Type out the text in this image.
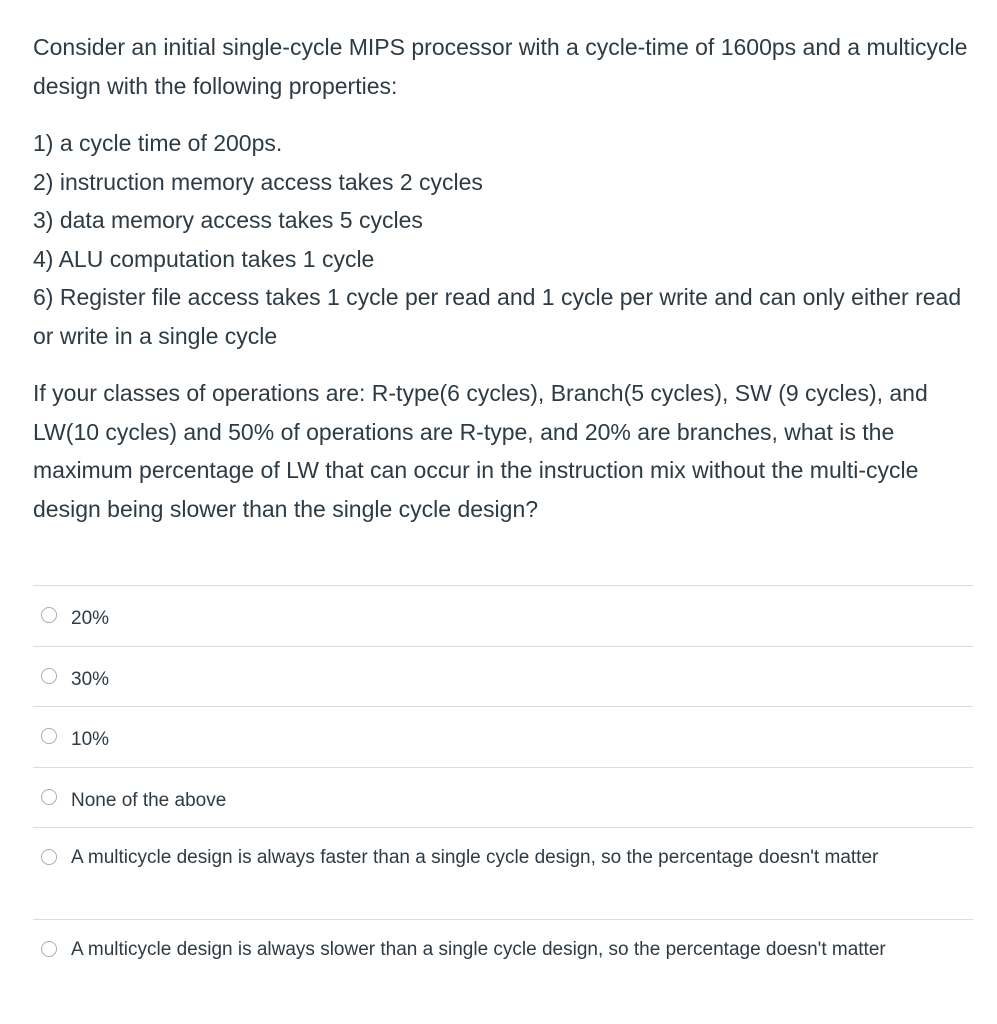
Consider an initial single-cycle MIPS processor with a cycle-time of 1600ps and a multicycle design with the following properties:

1) a cycle time of 200ps.
2) instruction memory access takes 2 cycles
3) data memory access takes 5 cycles
4) ALU computation takes 1 cycle
6) Register file access takes 1 cycle per read and 1 cycle per write and can only either read or write in a single cycle

If your classes of operations are: R-type(6 cycles), Branch(5 cycles), SW (9 cycles), and LW(10 cycles) and 50% of operations are R-type, and 20% are branches, what is the maximum percentage of LW that can occur in the instruction mix without the multi-cycle design being slower than the single cycle design?

20%
30%
10%
None of the above
A multicycle design is always faster than a single cycle design, so the percentage doesn't matter
A multicycle design is always slower than a single cycle design, so the percentage doesn't matter
